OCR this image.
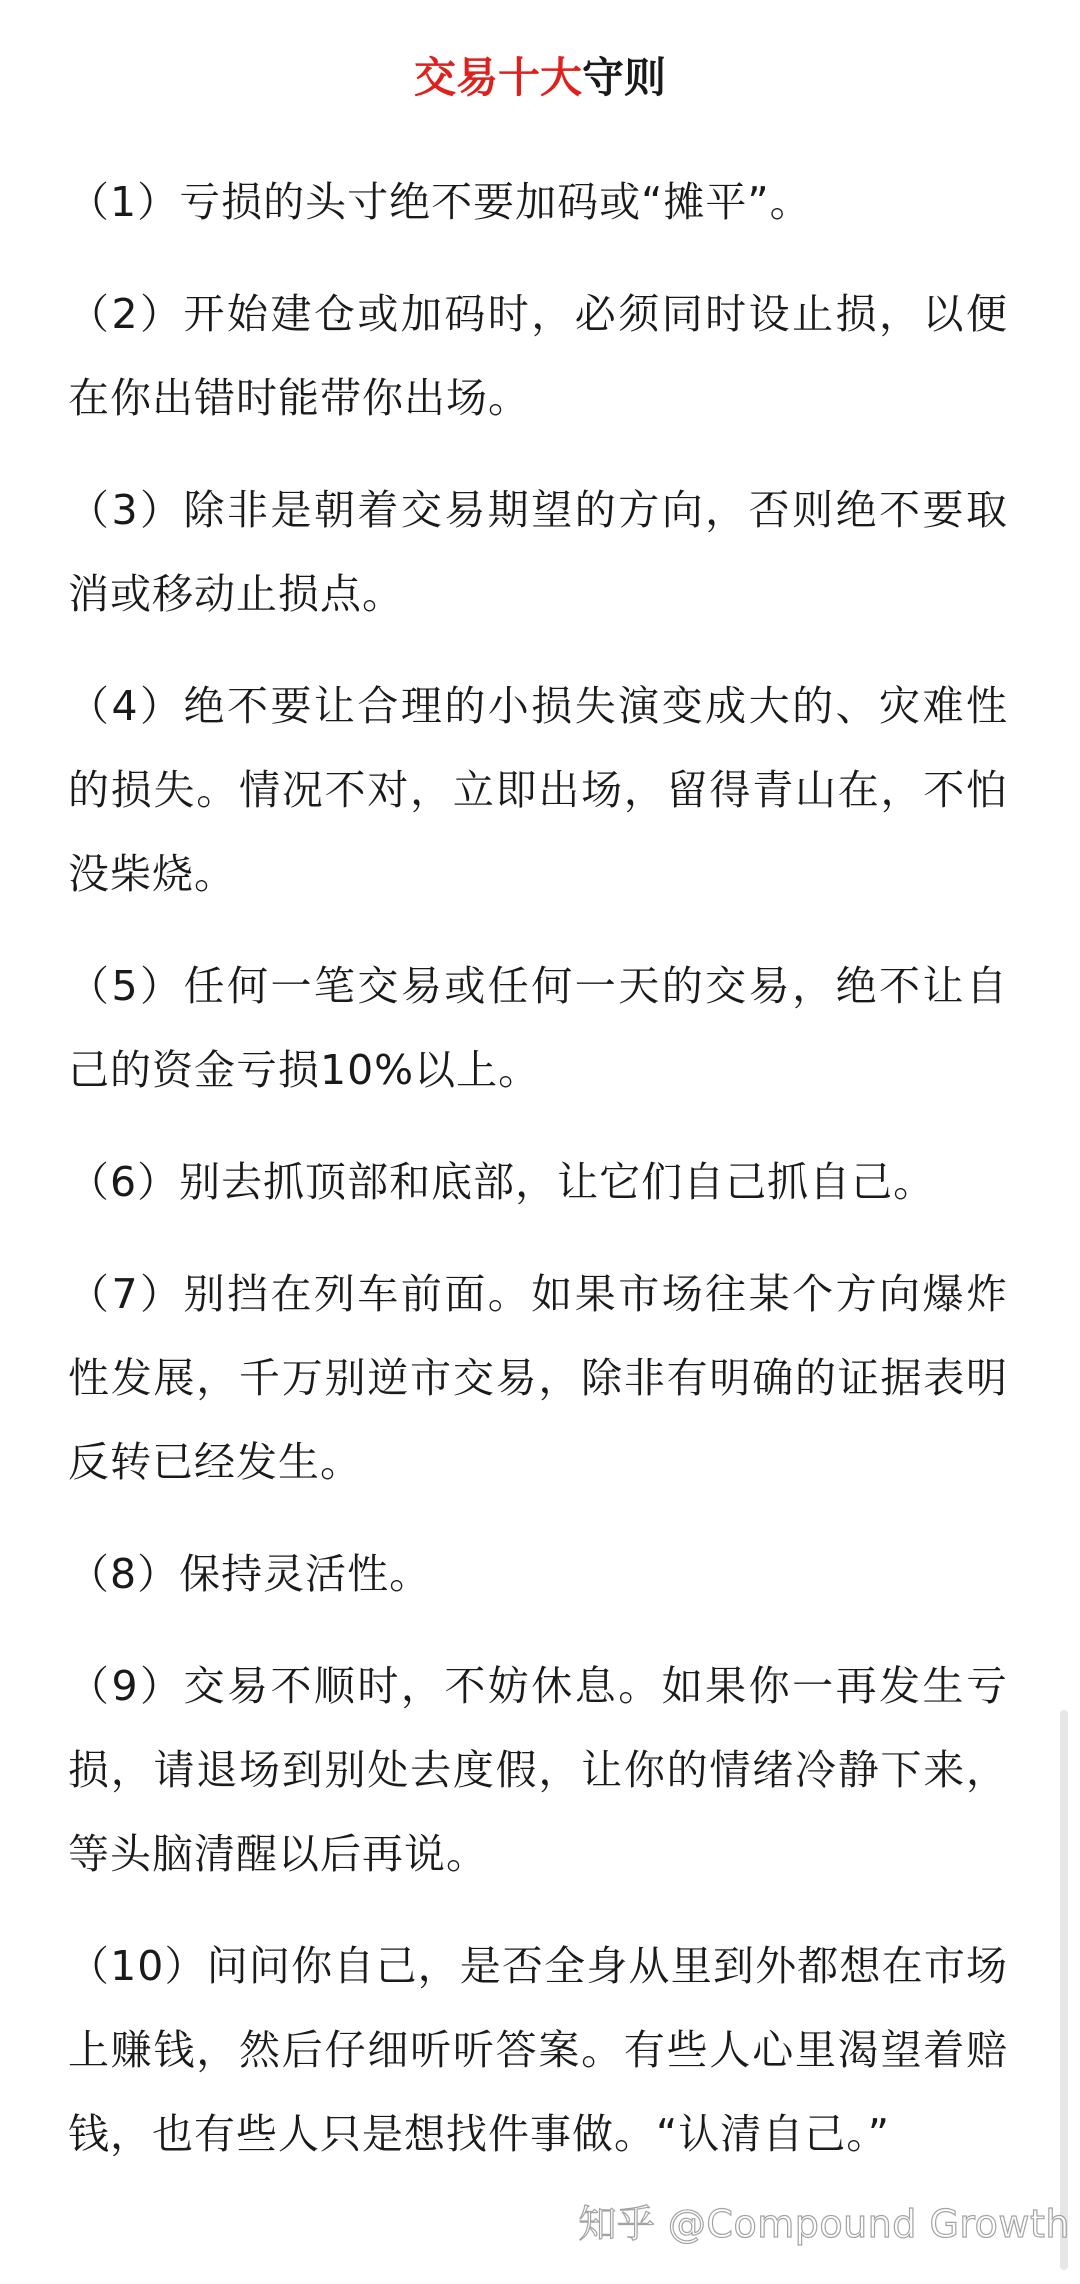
交易十大守则
（1）亏损的头寸绝不要加码或“摊平”。
（2）开始建仓或加码时，必须同时设止损，以便在你出错时能带你出场。
（3）除非是朝着交易期望的方向，否则绝不要取消或移动止损点。
（4）绝不要让合理的小损失演变成大的、灾难性的损失。情况不对，立即出场，留得青山在，不怕没柴烧。
（5）任何一笔交易或任何一天的交易，绝不让自己的资金亏损10%以上。
（6）别去抓顶部和底部，让它们自己抓自己。
（7）别挡在列车前面。如果市场往某个方向爆炸性发展，千万别逆市交易，除非有明确的证据表明反转已经发生。
（8）保持灵活性。
（9）交易不顺时，不妨休息。如果你一再发生亏损，请退场到别处去度假，让你的情绪冷静下来，等头脑清醒以后再说。
（10）问问你自己，是否全身从里到外都想在市场上赚钱，然后仔细听听答案。有些人心里渴望着赔钱，也有些人只是想找件事做。“认清自己。”
知乎 @Compound Growth
